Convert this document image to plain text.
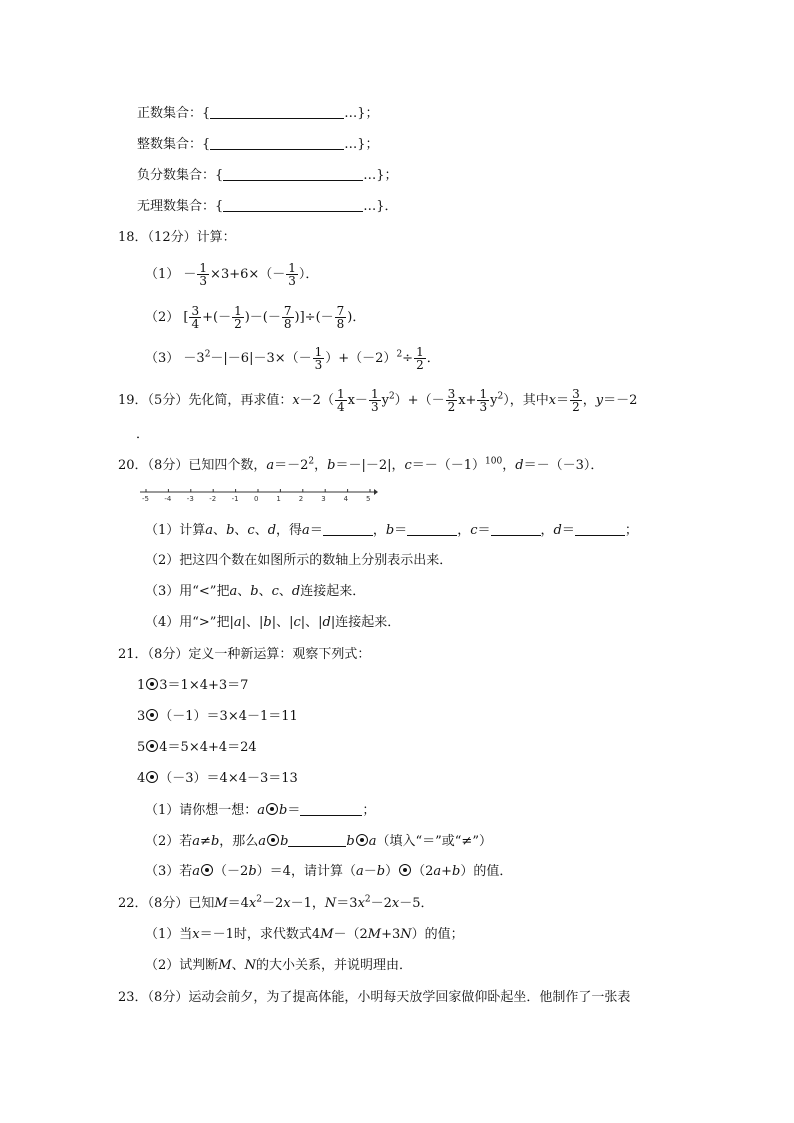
正数集合：{	…}；
整数集合：{	…}；
负分数集合：{	…}；
无理数集合：{	…}．
18．（12分）计算：
$(1) - \frac{1}{3} \times 3+6\times(- \frac{1}{3}$ ）．
（2） [ $\frac{3}{4}$ +(－ $\frac{1}{2}$ )－(－ $\frac{7}{8}$ )]÷(－ $\frac{7}{8}$ )．
$(3) -3^2-|-6|-3\times(- \frac{1}{3} )+(-2)^2\div \frac{1}{2}$ ．
19．（5分）先化简，再求值：$x-2( \frac{1}{4} x- \frac{1}{3} y^2)+(- \frac{3}{2} x+ \frac{1}{3} y^2)$，其中$x= \frac{3}{2}$ ，y＝－2
．
20．（8分）已知四个数，$a=-2^2$，b＝－|－2|，$c=-(-1)^{100}$，d＝－（－3）．
-5 -4 -3 -2 -1 0	1	2	3	4	5
（1）计算a、b、c、d，得a＝	，b＝	，c＝	，d＝	；
（2）把这四个数在如图所示的数轴上分别表示出来．
（3）用“<”把a、b、c、d连接起来．
（4）用“>”把|a|、|b|、|c|、|d|连接起来．
21．（8分）定义一种新运算：观察下列式：
1 3＝1×4+3＝7
3 （－1）＝3×4－1＝11
5 4＝5×4+4＝24
4 （－3）＝4×4－3＝13
（1）请你想一想：a b＝	；
（2）若a≠b，那么a b	b a（填入“＝”或“≠”）
（3）若a （－2b）＝4，请计算（a－b） （2a+b）的值．
22．（8分）已知$M=4x^2-2x-1$，$N=3x^2-2x-5$．
（1）当x＝－1时，求代数式4M－（2M+3N）的值；
（2）试判断M、N的大小关系，并说明理由．
23．（8分）运动会前夕，为了提高体能，小明每天放学回家做仰卧起坐．他制作了一张表
